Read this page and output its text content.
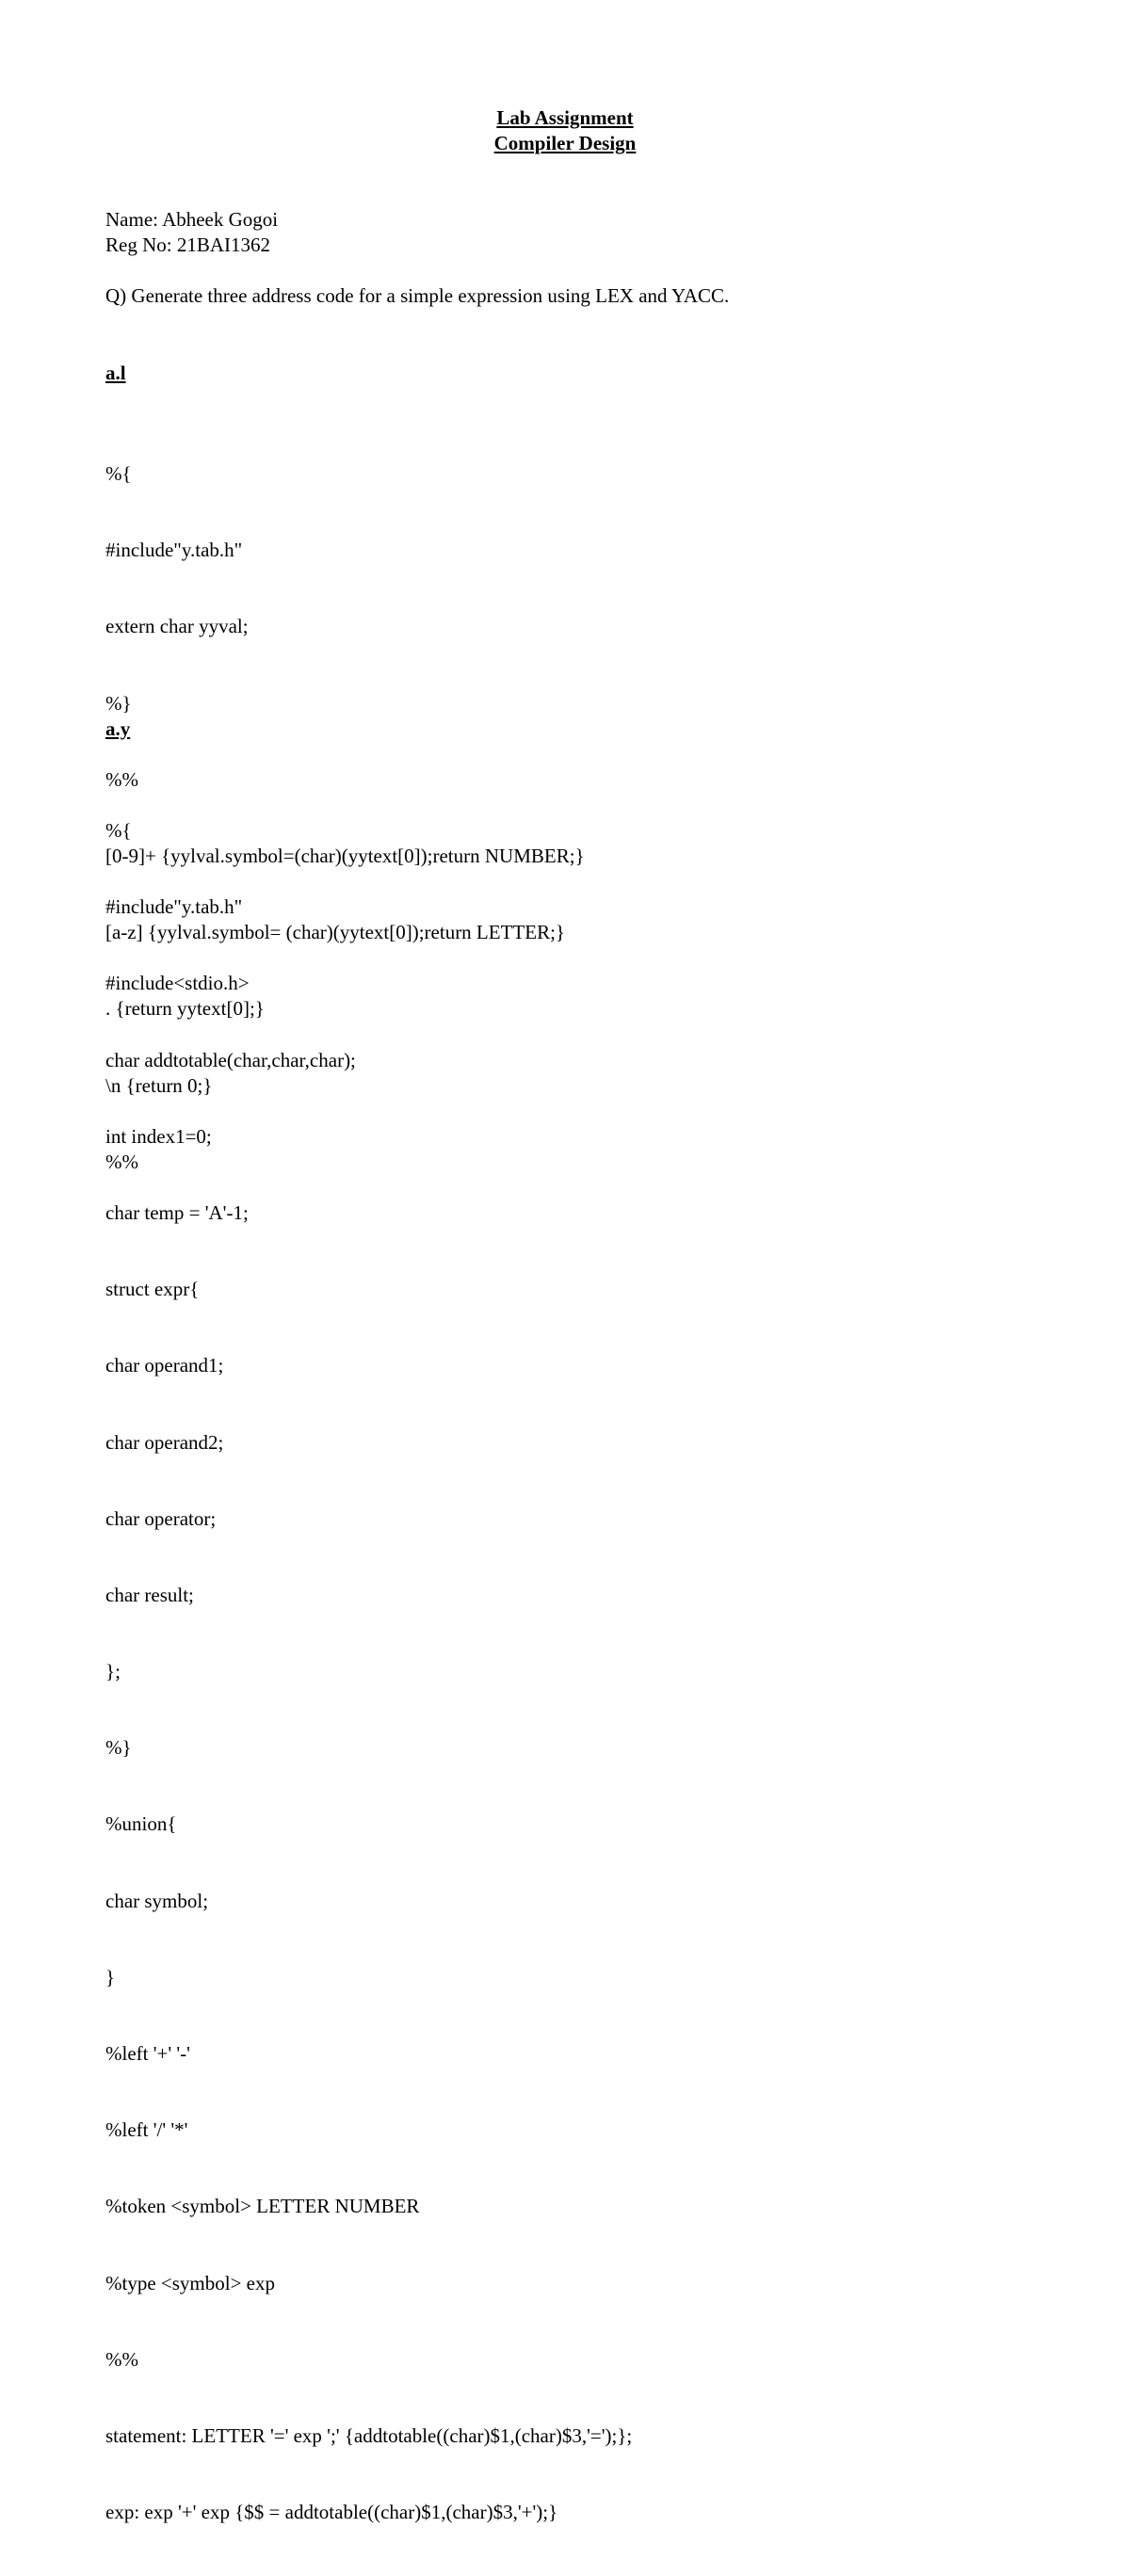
Lab Assignment
Compiler Design
Name: Abheek Gogoi
Reg No: 21BAI1362
Q) Generate three address code for a simple expression using LEX and YACC.
a.l

%{

#include"y.tab.h"

extern char yyval;

%}

%%

[0-9]+ {yylval.symbol=(char)(yytext[0]);return NUMBER;}

[a-z] {yylval.symbol= (char)(yytext[0]);return LETTER;}

. {return yytext[0];}

\n {return 0;}

%%

a.y

%{

#include"y.tab.h"

#include<stdio.h>

char addtotable(char,char,char);

int index1=0;

char temp = 'A'-1;

struct expr{

char operand1;

char operand2;

char operator;

char result;

};

%}

%union{

char symbol;

}

%left '+' '-'

%left '/' '*'

%token <symbol> LETTER NUMBER

%type <symbol> exp

%%

statement: LETTER '=' exp ';' {addtotable((char)$1,(char)$3,'=');};

exp: exp '+' exp {$$ = addtotable((char)$1,(char)$3,'+');}
